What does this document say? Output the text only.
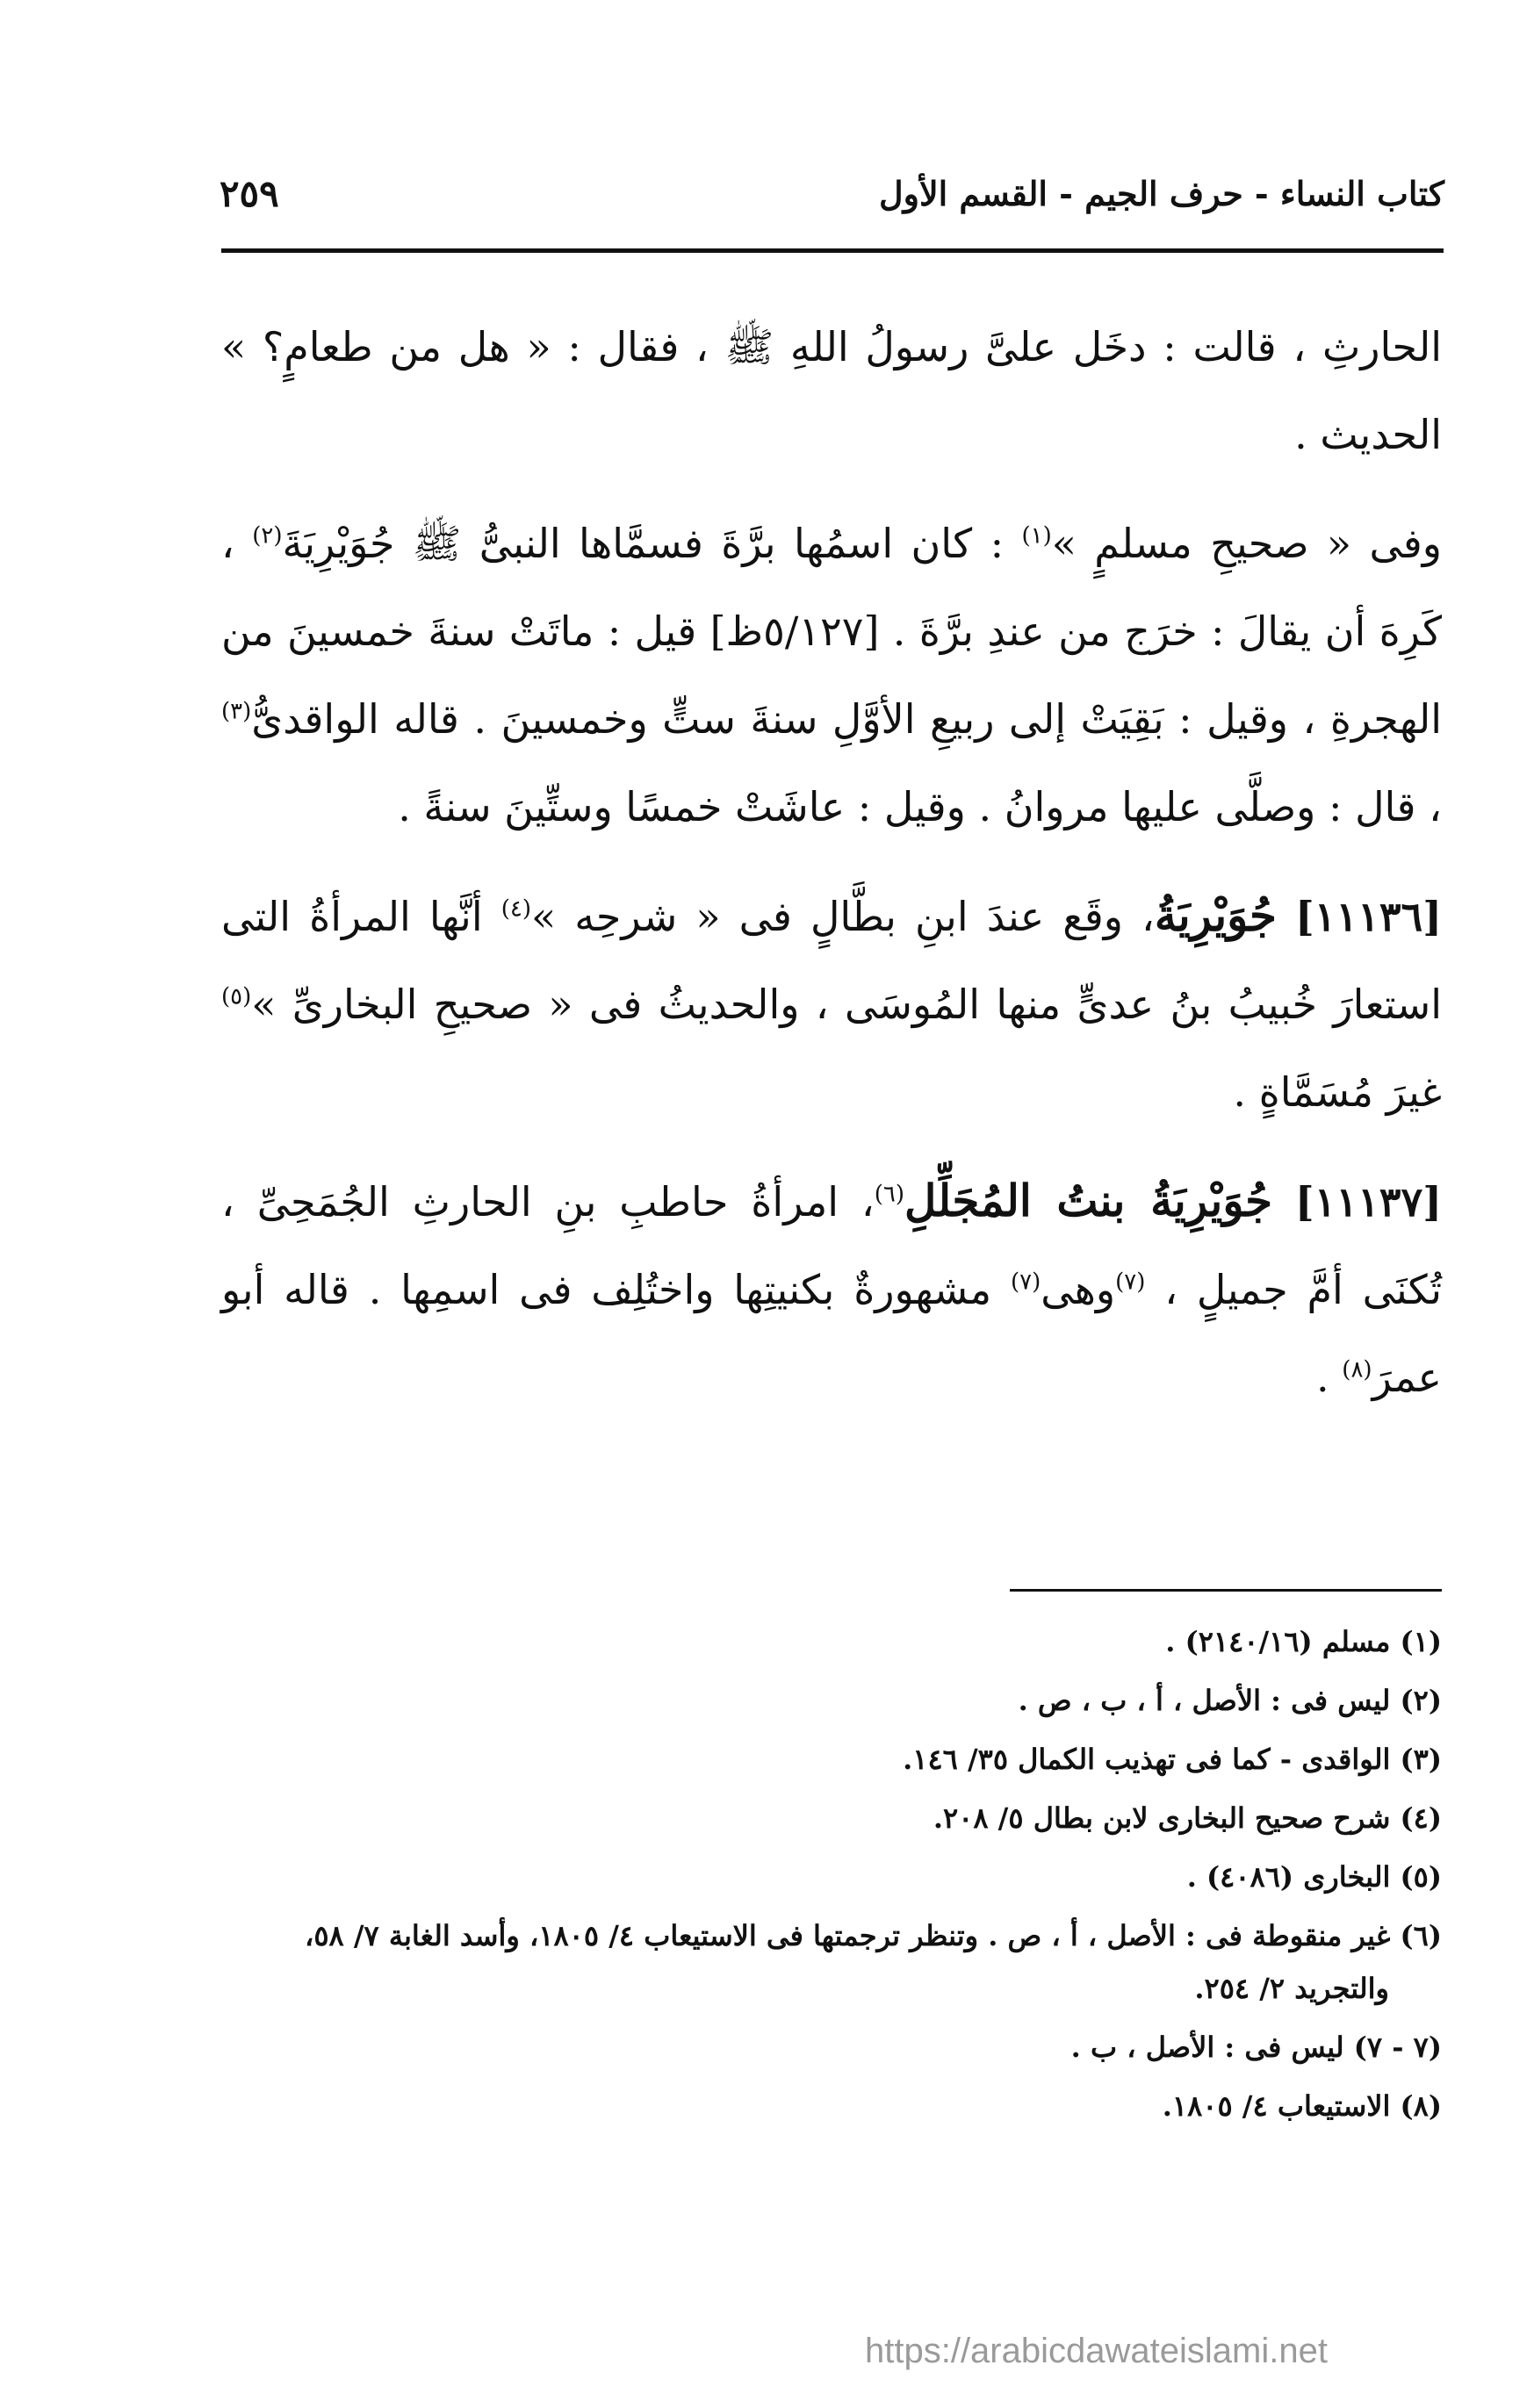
كتاب النساء - حرف الجيم - القسم الأول
٢٥٩

الحارثِ ، قالت : دخَل علىَّ رسولُ اللهِ ﷺ ، فقال : « هل من طعامٍ؟ » الحديث .

وفى « صحيحِ مسلمٍ »$^{(١)}$ : كان اسمُها برَّةَ فسمَّاها النبىُّ ﷺ جُوَيْرِيَةَ$^{(٢)}$ ، كَرِهَ أن يقالَ : خرَج من عندِ برَّةَ . [٥/١٢٧ظ] قيل : ماتَتْ سنةَ خمسينَ من الهجرةِ ، وقيل : بَقِيَتْ إلى ربيعِ الأوَّلِ سنةَ ستٍّ وخمسينَ . قاله الواقدىُّ$^{(٣)}$ ، قال : وصلَّى عليها مروانُ . وقيل : عاشَتْ خمسًا وستِّينَ سنةً .

[١١١٣٦] جُوَيْرِيَةُ، وقَع عندَ ابنِ بطَّالٍ فى « شرحِه »$^{(٤)}$ أنَّها المرأةُ التى استعارَ خُبيبُ بنُ عدىٍّ منها المُوسَى ، والحديثُ فى « صحيحِ البخارىِّ »$^{(٥)}$ غيرَ مُسَمَّاةٍ .

[١١١٣٧] جُوَيْرِيَةُ بنتُ المُجَلِّلِ$^{(٦)}$، امرأةُ حاطبِ بنِ الحارثِ الجُمَحِىِّ ، تُكنَى أمَّ جميلٍ ، $^{(٧)}$وهى$^{(٧)}$ مشهورةٌ بكنيتِها واختُلِف فى اسمِها . قاله أبو عمرَ$^{(٨)}$ .

(١) مسلم (٢١٤٠/١٦) .
(٢) ليس فى : الأصل ، أ ، ب ، ص .
(٣) الواقدى - كما فى تهذيب الكمال ٣٥/ ١٤٦.
(٤) شرح صحيح البخارى لابن بطال ٥/ ٢٠٨.
(٥) البخارى (٤٠٨٦) .
(٦) غير منقوطة فى : الأصل ، أ ، ص . وتنظر ترجمتها فى الاستيعاب ٤/ ١٨٠٥، وأسد الغابة ٧/ ٥٨،
والتجريد ٢/ ٢٥٤.
(٧ - ٧) ليس فى : الأصل ، ب .
(٨) الاستيعاب ٤/ ١٨٠٥.
https://arabicdawateislami.net
